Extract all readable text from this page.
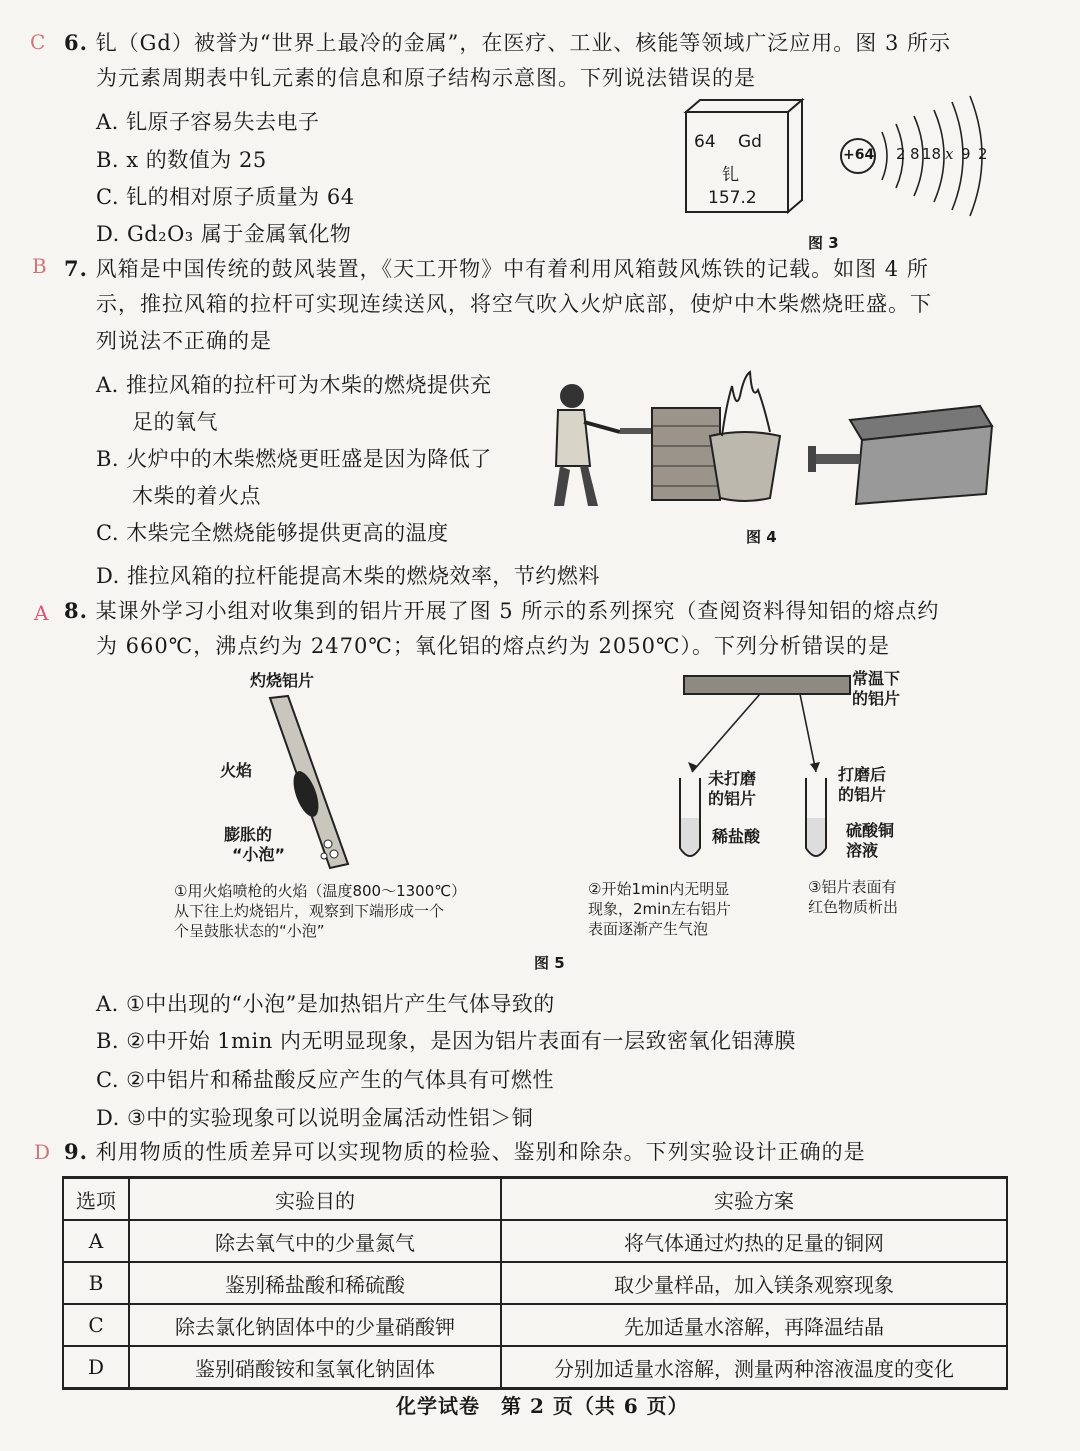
C 6. 钆（Gd）被誉为“世界上最冷的金属”，在医疗、工业、核能等领域广泛应用。图 3 所示
为元素周期表中钆元素的信息和原子结构示意图。下列说法错误的是
A. 钆原子容易失去电子
B. x 的数值为 25
C. 钆的相对原子质量为 64
D. Gd₂O₃ 属于金属氧化物
64 Gd
钆
157.2
+64 2 8 18 x 9 2
图 3
B 7. 风箱是中国传统的鼓风装置，《天工开物》中有着利用风箱鼓风炼铁的记载。如图 4 所
示，推拉风箱的拉杆可实现连续送风，将空气吹入火炉底部，使炉中木柴燃烧旺盛。下
列说法不正确的是
A. 推拉风箱的拉杆可为木柴的燃烧提供充
足的氧气
B. 火炉中的木柴燃烧更旺盛是因为降低了
木柴的着火点
C. 木柴完全燃烧能够提供更高的温度
D. 推拉风箱的拉杆能提高木柴的燃烧效率，节约燃料
图 4
A 8. 某课外学习小组对收集到的铝片开展了图 5 所示的系列探究（查阅资料得知铝的熔点约
为 660℃，沸点约为 2470℃；氧化铝的熔点约为 2050℃）。下列分析错误的是
灼烧铝片
火焰
膨胀的
“小泡”
①用火焰喷枪的火焰（温度800～1300℃）
从下往上灼烧铝片，观察到下端形成一个
个呈鼓胀状态的“小泡”
常温下
的铝片
未打磨
的铝片
稀盐酸
打磨后
的铝片
硫酸铜
溶液
②开始1min内无明显
现象，2min左右铝片
表面逐渐产生气泡
③铝片表面有
红色物质析出
图 5
A. ①中出现的“小泡”是加热铝片产生气体导致的
B. ②中开始 1min 内无明显现象，是因为铝片表面有一层致密氧化铝薄膜
C. ②中铝片和稀盐酸反应产生的气体具有可燃性
D. ③中的实验现象可以说明金属活动性铝＞铜
D 9. 利用物质的性质差异可以实现物质的检验、鉴别和除杂。下列实验设计正确的是
选项	实验目的	实验方案
A	除去氧气中的少量氮气	将气体通过灼热的足量的铜网
B	鉴别稀盐酸和稀硫酸	取少量样品，加入镁条观察现象
C	除去氯化钠固体中的少量硝酸钾	先加适量水溶解，再降温结晶
D	鉴别硝酸铵和氢氧化钠固体	分别加适量水溶解，测量两种溶液温度的变化
化学试卷　第 2 页（共 6 页）
